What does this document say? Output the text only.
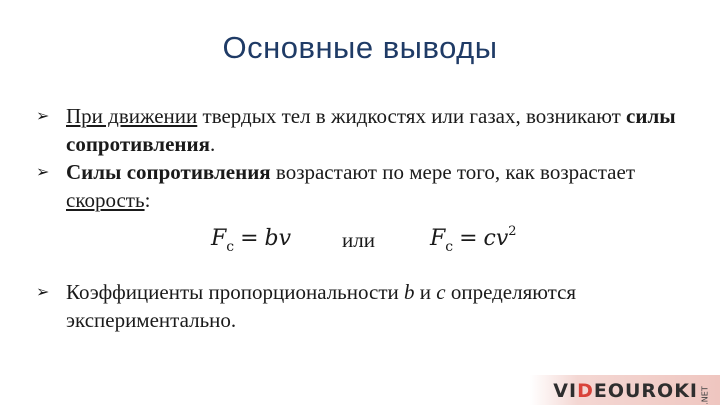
Основные выводы
➢ При движении твердых тел в жидкостях или газах, возникают силы сопротивления.
➢ Силы сопротивления возрастают по мере того, как возрастает скорость:
$F_c$ = bv или	$F_c = cv^2$
➢ Коэффициенты пропорциональности b и c определяются экспериментально.
VIDEOUROKI .NET
